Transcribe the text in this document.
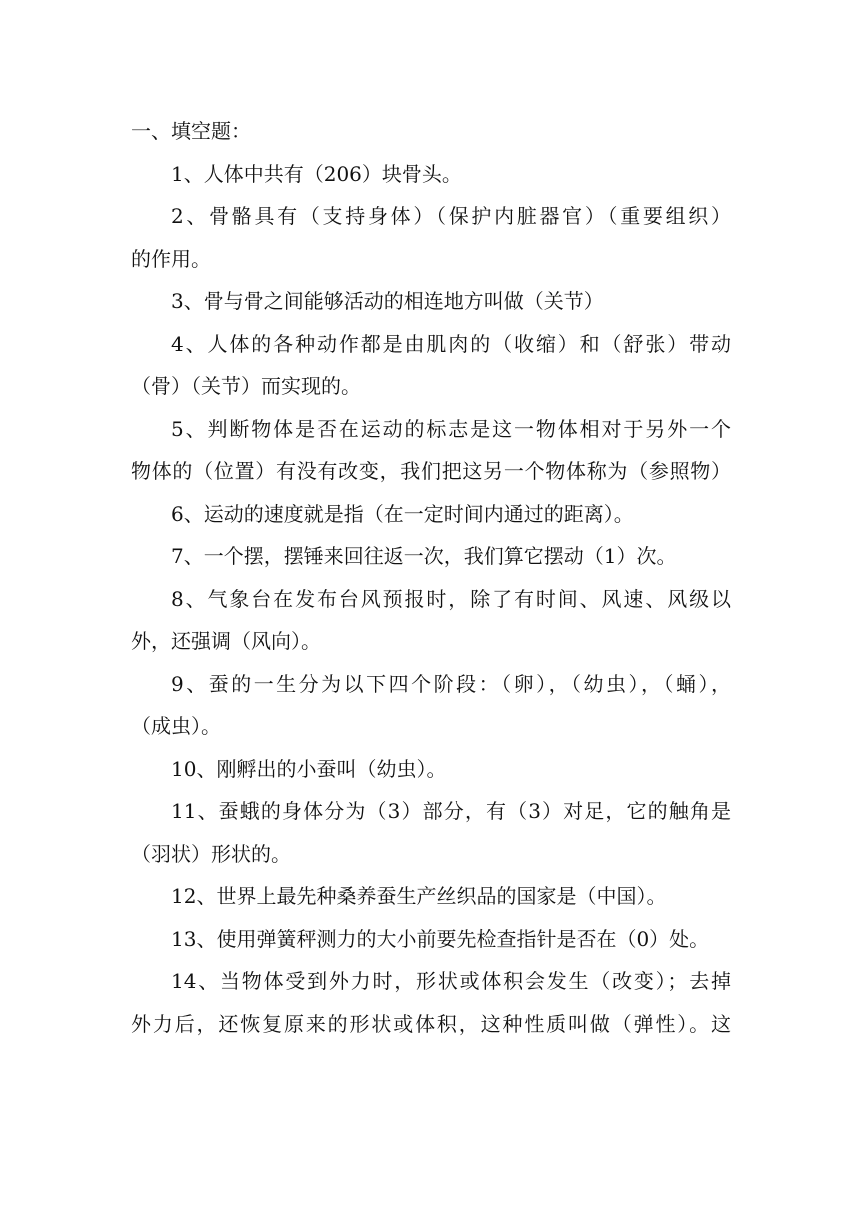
一、填空题：
1、人体中共有（206）块骨头。
2、骨骼具有（支持身体）（保护内脏器官）（重要组织）
的作用。
3、骨与骨之间能够活动的相连地方叫做（关节）
4、人体的各种动作都是由肌肉的（收缩）和（舒张）带动
（骨）（关节）而实现的。
5、判断物体是否在运动的标志是这一物体相对于另外一个
物体的（位置）有没有改变，我们把这另一个物体称为（参照物）
6、运动的速度就是指（在一定时间内通过的距离）。
7、一个摆，摆锤来回往返一次，我们算它摆动（1）次。
8、气象台在发布台风预报时，除了有时间、风速、风级以
外，还强调（风向）。
9、蚕的一生分为以下四个阶段：（卵），（幼虫），（蛹），
（成虫）。
10、刚孵出的小蚕叫（幼虫）。
11、蚕蛾的身体分为（3）部分，有（3）对足，它的触角是
（羽状）形状的。
12、世界上最先种桑养蚕生产丝织品的国家是（中国）。
13、使用弹簧秤测力的大小前要先检查指针是否在（0）处。
14、当物体受到外力时，形状或体积会发生（改变）；去掉
外力后，还恢复原来的形状或体积，这种性质叫做（弹性）。这
